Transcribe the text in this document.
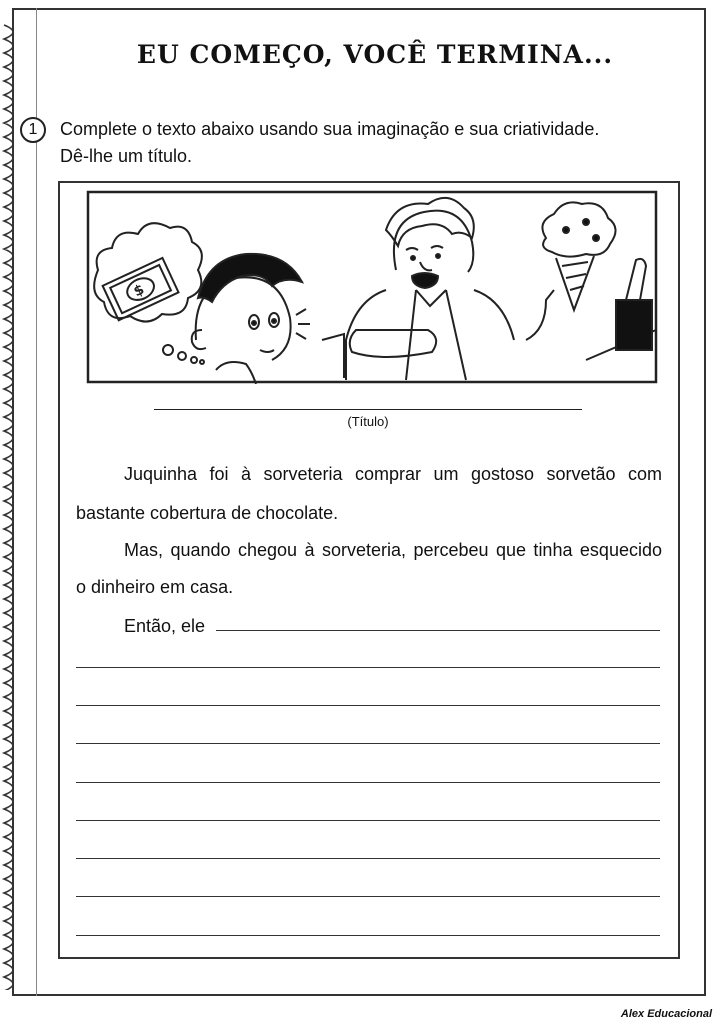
EU COMEÇO, VOCÊ TERMINA...
1	Complete o texto abaixo usando sua imaginação e sua criatividade.
Dê-lhe um título.
$
(Título)
Juquinha foi à sorveteria comprar um gostoso sorvetão com
bastante cobertura de chocolate.
Mas, quando chegou à sorveteria, percebeu que tinha esquecido
o dinheiro em casa.
Então, ele
Alex Educacional
